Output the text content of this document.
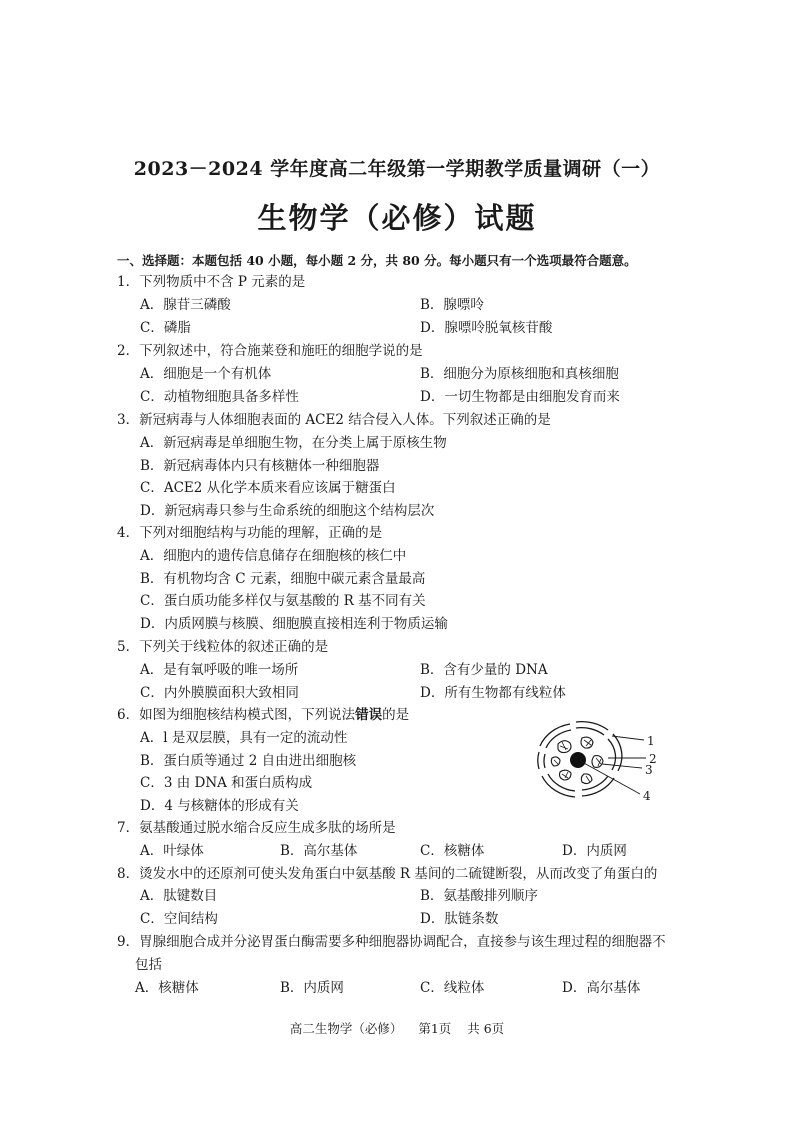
2023－2024 学年度高二年级第一学期教学质量调研（一）
生物学（必修）试题
一、选择题：本题包括 40 小题，每小题 2 分，共 80 分。每小题只有一个选项最符合题意。
1．下列物质中不含 P 元素的是
A．腺苷三磷酸	B．腺嘌呤
C．磷脂	D．腺嘌呤脱氧核苷酸
2．下列叙述中，符合施莱登和施旺的细胞学说的是
A．细胞是一个有机体	B．细胞分为原核细胞和真核细胞
C．动植物细胞具备多样性	D．一切生物都是由细胞发育而来
3．新冠病毒与人体细胞表面的 ACE2 结合侵入人体。下列叙述正确的是
A．新冠病毒是单细胞生物，在分类上属于原核生物
B．新冠病毒体内只有核糖体一种细胞器
C．ACE2 从化学本质来看应该属于糖蛋白
D．新冠病毒只参与生命系统的细胞这个结构层次
4．下列对细胞结构与功能的理解，正确的是
A．细胞内的遗传信息储存在细胞核的核仁中
B．有机物均含 C 元素，细胞中碳元素含量最高
C．蛋白质功能多样仅与氨基酸的 R 基不同有关
D．内质网膜与核膜、细胞膜直接相连利于物质运输
5．下列关于线粒体的叙述正确的是
A．是有氧呼吸的唯一场所	B．含有少量的 DNA
C．内外膜膜面积大致相同	D．所有生物都有线粒体
6．如图为细胞核结构模式图，下列说法错误的是
A．l 是双层膜，具有一定的流动性
B．蛋白质等通过 2 自由进出细胞核
C．3 由 DNA 和蛋白质构成
D．4 与核糖体的形成有关
1
2
3
4
7．氨基酸通过脱水缩合反应生成多肽的场所是
A．叶绿体	B．高尔基体	C．核糖体	D．内质网
8．烫发水中的还原剂可使头发角蛋白中氨基酸 R 基间的二硫键断裂，从而改变了角蛋白的
A．肽键数目	B．氨基酸排列顺序
C．空间结构	D．肽链条数
9．胃腺细胞合成并分泌胃蛋白酶需要多种细胞器协调配合，直接参与该生理过程的细胞器不
包括
A．核糖体	B．内质网	C．线粒体	D．高尔基体
高二生物学（必修） 第1页 共 6页
